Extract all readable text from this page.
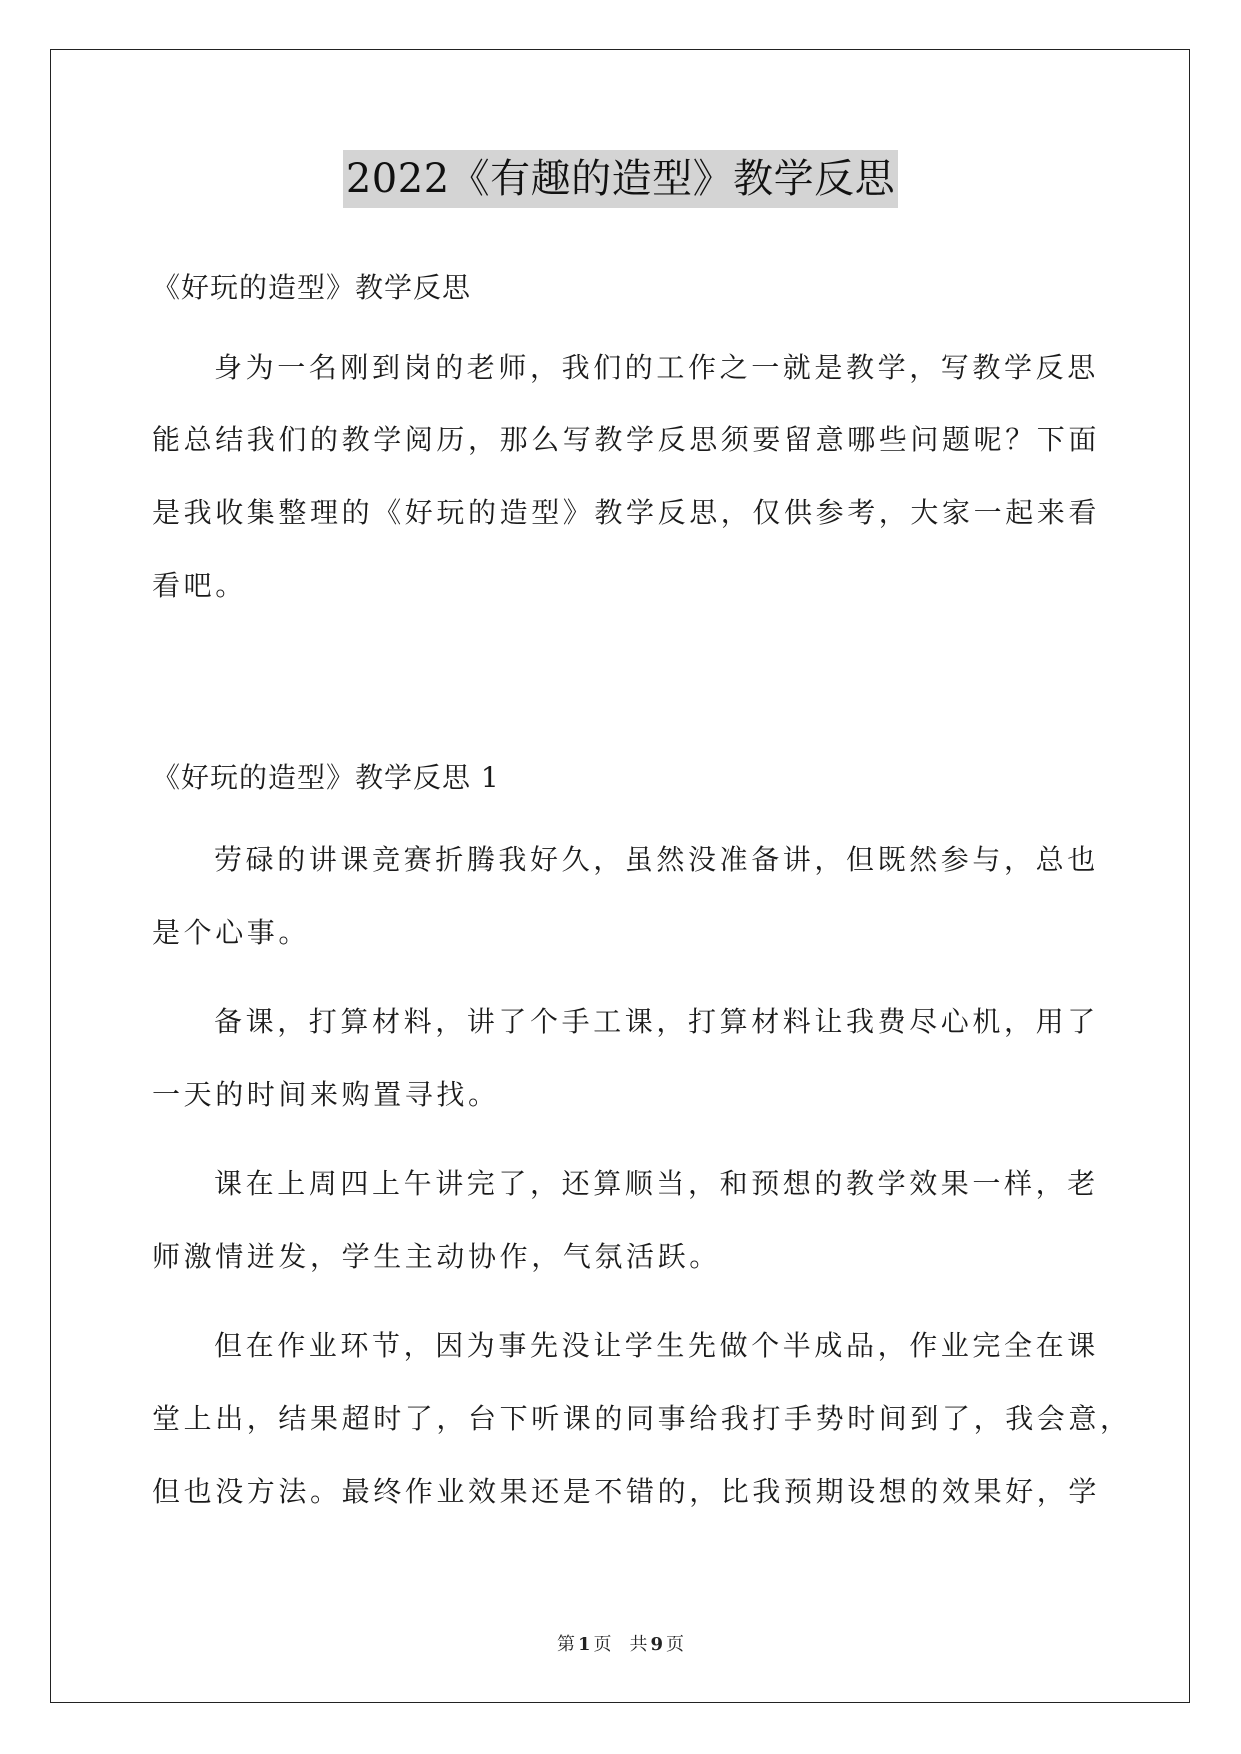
2022《有趣的造型》教学反思
《好玩的造型》教学反思
身为一名刚到岗的老师，我们的工作之一就是教学，写教学反思
能总结我们的教学阅历，那么写教学反思须要留意哪些问题呢？下面
是我收集整理的《好玩的造型》教学反思，仅供参考，大家一起来看
看吧。
《好玩的造型》教学反思 1
劳碌的讲课竞赛折腾我好久，虽然没准备讲，但既然参与，总也
是个心事。
备课，打算材料，讲了个手工课，打算材料让我费尽心机，用了
一天的时间来购置寻找。
课在上周四上午讲完了，还算顺当，和预想的教学效果一样，老
师激情迸发，学生主动协作，气氛活跃。
但在作业环节，因为事先没让学生先做个半成品，作业完全在课
堂上出，结果超时了，台下听课的同事给我打手势时间到了，我会意，
但也没方法。最终作业效果还是不错的，比我预期设想的效果好，学
第 1 页 共 9 页
